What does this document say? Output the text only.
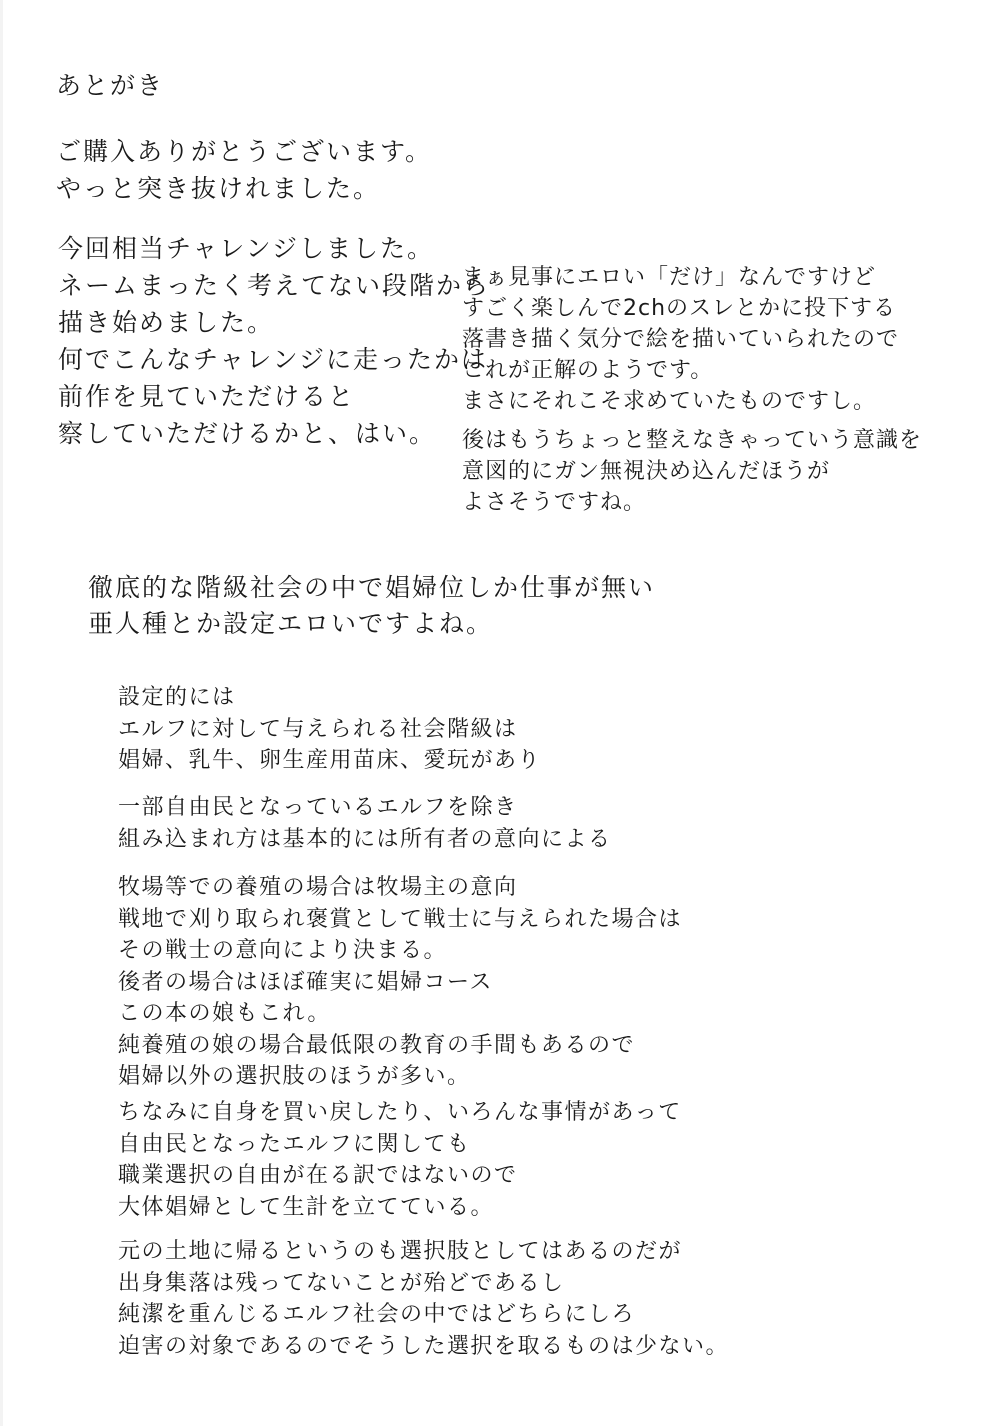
あとがき
ご購入ありがとうございます。
やっと突き抜けれました。
今回相当チャレンジしました。
ネームまったく考えてない段階から
描き始めました。
何でこんなチャレンジに走ったかは
前作を見ていただけると
察していただけるかと、はい。
まぁ見事にエロい「だけ」なんですけど
すごく楽しんで2chのスレとかに投下する
落書き描く気分で絵を描いていられたので
これが正解のようです。
まさにそれこそ求めていたものですし。
後はもうちょっと整えなきゃっていう意識を
意図的にガン無視決め込んだほうが
よさそうですね。
徹底的な階級社会の中で娼婦位しか仕事が無い
亜人種とか設定エロいですよね。
設定的には
エルフに対して与えられる社会階級は
娼婦、乳牛、卵生産用苗床、愛玩があり
一部自由民となっているエルフを除き
組み込まれ方は基本的には所有者の意向による
牧場等での養殖の場合は牧場主の意向
戦地で刈り取られ褒賞として戦士に与えられた場合は
その戦士の意向により決まる。
後者の場合はほぼ確実に娼婦コース
この本の娘もこれ。
純養殖の娘の場合最低限の教育の手間もあるので
娼婦以外の選択肢のほうが多い。
ちなみに自身を買い戻したり、いろんな事情があって
自由民となったエルフに関しても
職業選択の自由が在る訳ではないので
大体娼婦として生計を立てている。
元の土地に帰るというのも選択肢としてはあるのだが
出身集落は残ってないことが殆どであるし
純潔を重んじるエルフ社会の中ではどちらにしろ
迫害の対象であるのでそうした選択を取るものは少ない。
